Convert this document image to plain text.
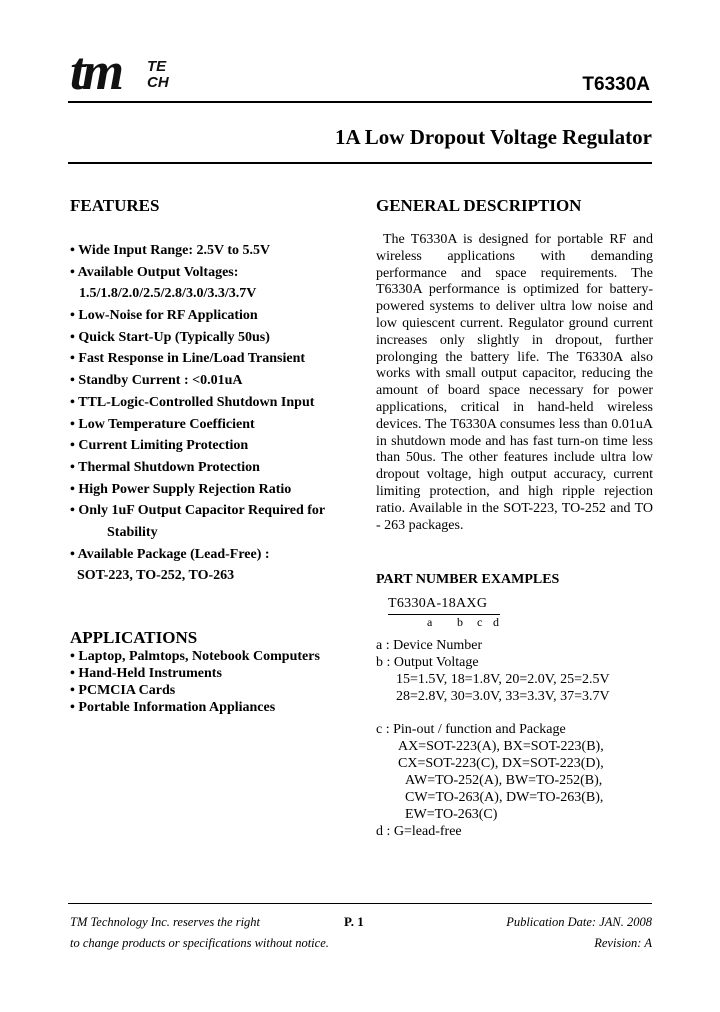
tm TE
CH	T6330A
1A Low Dropout Voltage Regulator
FEATURES
• Wide Input Range: 2.5V to 5.5V
• Available Output Voltages:
1.5/1.8/2.0/2.5/2.8/3.0/3.3/3.7V
• Low-Noise for RF Application
• Quick Start-Up (Typically 50us)
• Fast Response in Line/Load Transient
• Standby Current : <0.01uA
• TTL-Logic-Controlled Shutdown Input
• Low Temperature Coefficient
• Current Limiting Protection
• Thermal Shutdown Protection
• High Power Supply Rejection Ratio
• Only 1uF Output Capacitor Required for
Stability
• Available Package (Lead-Free) :
SOT-223, TO-252, TO-263
APPLICATIONS
• Laptop, Palmtops, Notebook Computers
• Hand-Held Instruments
• PCMCIA Cards
• Portable Information Appliances
GENERAL DESCRIPTION

The T6330A is designed for portable RF and wireless applications with demanding performance and space requirements. The T6330A performance is optimized for battery-powered systems to deliver ultra low noise and low quiescent current. Regulator ground current increases only slightly in dropout, further prolonging the battery life. The T6330A also works with small output capacitor, reducing the amount of board space necessary for power applications, critical in hand-held wireless devices. The T6330A consumes less than 0.01uA in shutdown mode and has fast turn-on time less than 50us. The other features include ultra low dropout voltage, high output accuracy, current limiting protection, and high ripple rejection ratio. Available in the SOT-223, TO-252 and TO - 263 packages.

PART NUMBER EXAMPLES
T6330A-18AXG
a b c d
a : Device Number
b : Output Voltage
15=1.5V, 18=1.8V, 20=2.0V, 25=2.5V
28=2.8V, 30=3.0V, 33=3.3V, 37=3.7V
c : Pin-out / function and Package
AX=SOT-223(A), BX=SOT-223(B),
CX=SOT-223(C), DX=SOT-223(D),
AW=TO-252(A), BW=TO-252(B),
CW=TO-263(A), DW=TO-263(B),
EW=TO-263(C)
d : G=lead-free
TM Technology Inc. reserves the right
to change products or specifications without notice.
P. 1	Publication Date: JAN. 2008
Revision: A
